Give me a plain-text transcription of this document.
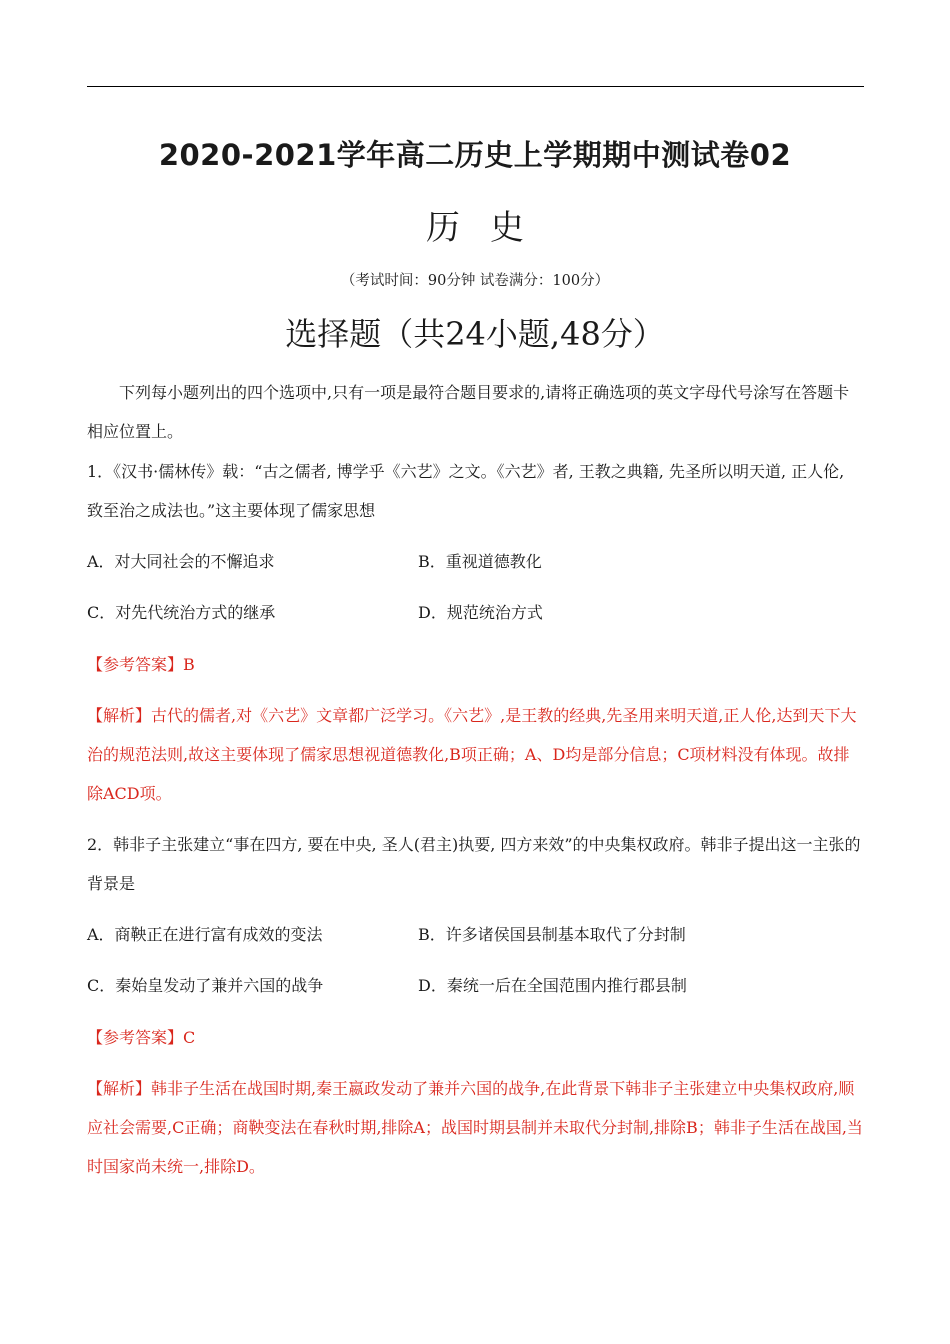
2020-2021学年高二历史上学期期中测试卷02
历史
（考试时间：90分钟 试卷满分：100分）
选择题（共24小题,48分）

下列每小题列出的四个选项中,只有一项是最符合题目要求的,请将正确选项的英文字母代号涂写在答题卡相应位置上。

1．《汉书·儒林传》载：“古之儒者, 博学乎《六艺》之文。《六艺》者, 王教之典籍, 先圣所以明天道, 正人伦, 致至治之成法也。”这主要体现了儒家思想

A．对大同社会的不懈追求	B．重视道德教化
C．对先代统治方式的继承	D．规范统治方式

【参考答案】B

【解析】古代的儒者,对《六艺》文章都广泛学习。《六艺》,是王教的经典,先圣用来明天道,正人伦,达到天下大治的规范法则,故这主要体现了儒家思想视道德教化,B项正确；A、D均是部分信息；C项材料没有体现。故排除ACD项。

2．韩非子主张建立“事在四方, 要在中央, 圣人(君主)执要, 四方来效”的中央集权政府。韩非子提出这一主张的背景是

A．商鞅正在进行富有成效的变法	B．许多诸侯国县制基本取代了分封制
C．秦始皇发动了兼并六国的战争	D．秦统一后在全国范围内推行郡县制

【参考答案】C

【解析】韩非子生活在战国时期,秦王嬴政发动了兼并六国的战争,在此背景下韩非子主张建立中央集权政府,顺应社会需要,C正确；商鞅变法在春秋时期,排除A；战国时期县制并未取代分封制,排除B；韩非子生活在战国,当时国家尚未统一,排除D。
